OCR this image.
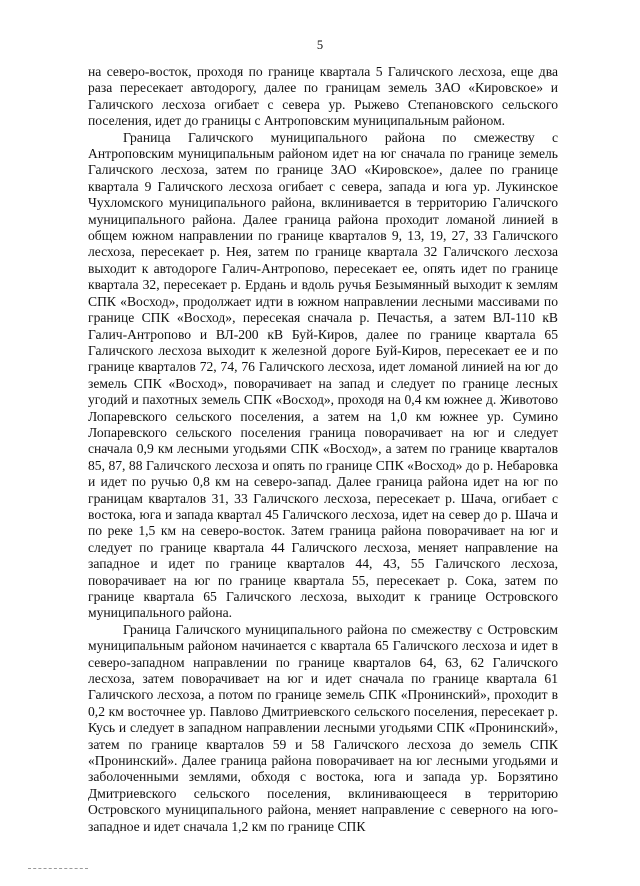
5

на северо-восток, проходя по границе квартала 5 Галичского лесхоза, еще два раза пересекает автодорогу, далее по границам земель ЗАО «Кировское» и Галичского лесхоза огибает с севера ур. Рыжево Степановского сельского поселения, идет до границы с Антроповским муниципальным районом.

Граница Галичского муниципального района по смежеству с Антроповским муниципальным районом идет на юг сначала по границе земель Галичского лесхоза, затем по границе ЗАО «Кировское», далее по границе квартала 9 Галичского лесхоза огибает с севера, запада и юга ур. Лукинское Чухломского муниципального района, вклинивается в территорию Галичского муниципального района. Далее граница района проходит ломаной линией в общем южном направлении по границе кварталов 9, 13, 19, 27, 33 Галичского лесхоза, пересекает р. Нея, затем по границе квартала 32 Галичского лесхоза выходит к автодороге Галич-Антропово, пересекает ее, опять идет по границе квартала 32, пересекает р. Ердань и вдоль ручья Безымянный выходит к землям СПК «Восход», продолжает идти в южном направлении лесными массивами по границе СПК «Восход», пересекая сначала р. Печастья, а затем ВЛ-110 кВ Галич-Антропово и ВЛ-200 кВ Буй-Киров, далее по границе квартала 65 Галичского лесхоза выходит к железной дороге Буй-Киров, пересекает ее и по границе кварталов 72, 74, 76 Галичского лесхоза, идет ломаной линией на юг до земель СПК «Восход», поворачивает на запад и следует по границе лесных угодий и пахотных земель СПК «Восход», проходя на 0,4 км южнее д. Животово Лопаревского сельского поселения, а затем на 1,0 км южнее ур. Сумино Лопаревского сельского поселения граница поворачивает на юг и следует сначала 0,9 км лесными угодьями СПК «Восход», а затем по границе кварталов 85, 87, 88 Галичского лесхоза и опять по границе СПК «Восход» до р. Небаровка и идет по ручью 0,8 км на северо-запад. Далее граница района идет на юг по границам кварталов 31, 33 Галичского лесхоза, пересекает р. Шача, огибает с востока, юга и запада квартал 45 Галичского лесхоза, идет на север до р. Шача и по реке 1,5 км на северо-восток. Затем граница района поворачивает на юг и следует по границе квартала 44 Галичского лесхоза, меняет направление на западное и идет по границе кварталов 44, 43, 55 Галичского лесхоза, поворачивает на юг по границе квартала 55, пересекает р. Сока, затем по границе квартала 65 Галичского лесхоза, выходит к границе Островского муниципального района.

Граница Галичского муниципального района по смежеству с Островским муниципальным районом начинается с квартала 65 Галичского лесхоза и идет в северо-западном направлении по границе кварталов 64, 63, 62 Галичского лесхоза, затем поворачивает на юг и идет сначала по границе квартала 61 Галичского лесхоза, а потом по границе земель СПК «Пронинский», проходит в 0,2 км восточнее ур. Павлово Дмитриевского сельского поселения, пересекает р. Кусь и следует в западном направлении лесными угодьями СПК «Пронинский», затем по границе кварталов 59 и 58 Галичского лесхоза до земель СПК «Пронинский». Далее граница района поворачивает на юг лесными угодьями и заболоченными землями, обходя с востока, юга и запада ур. Борзятино Дмитриевского сельского поселения, вклинивающееся в территорию Островского муниципального района, меняет направление с северного на юго-западное и идет сначала 1,2 км по границе СПК
